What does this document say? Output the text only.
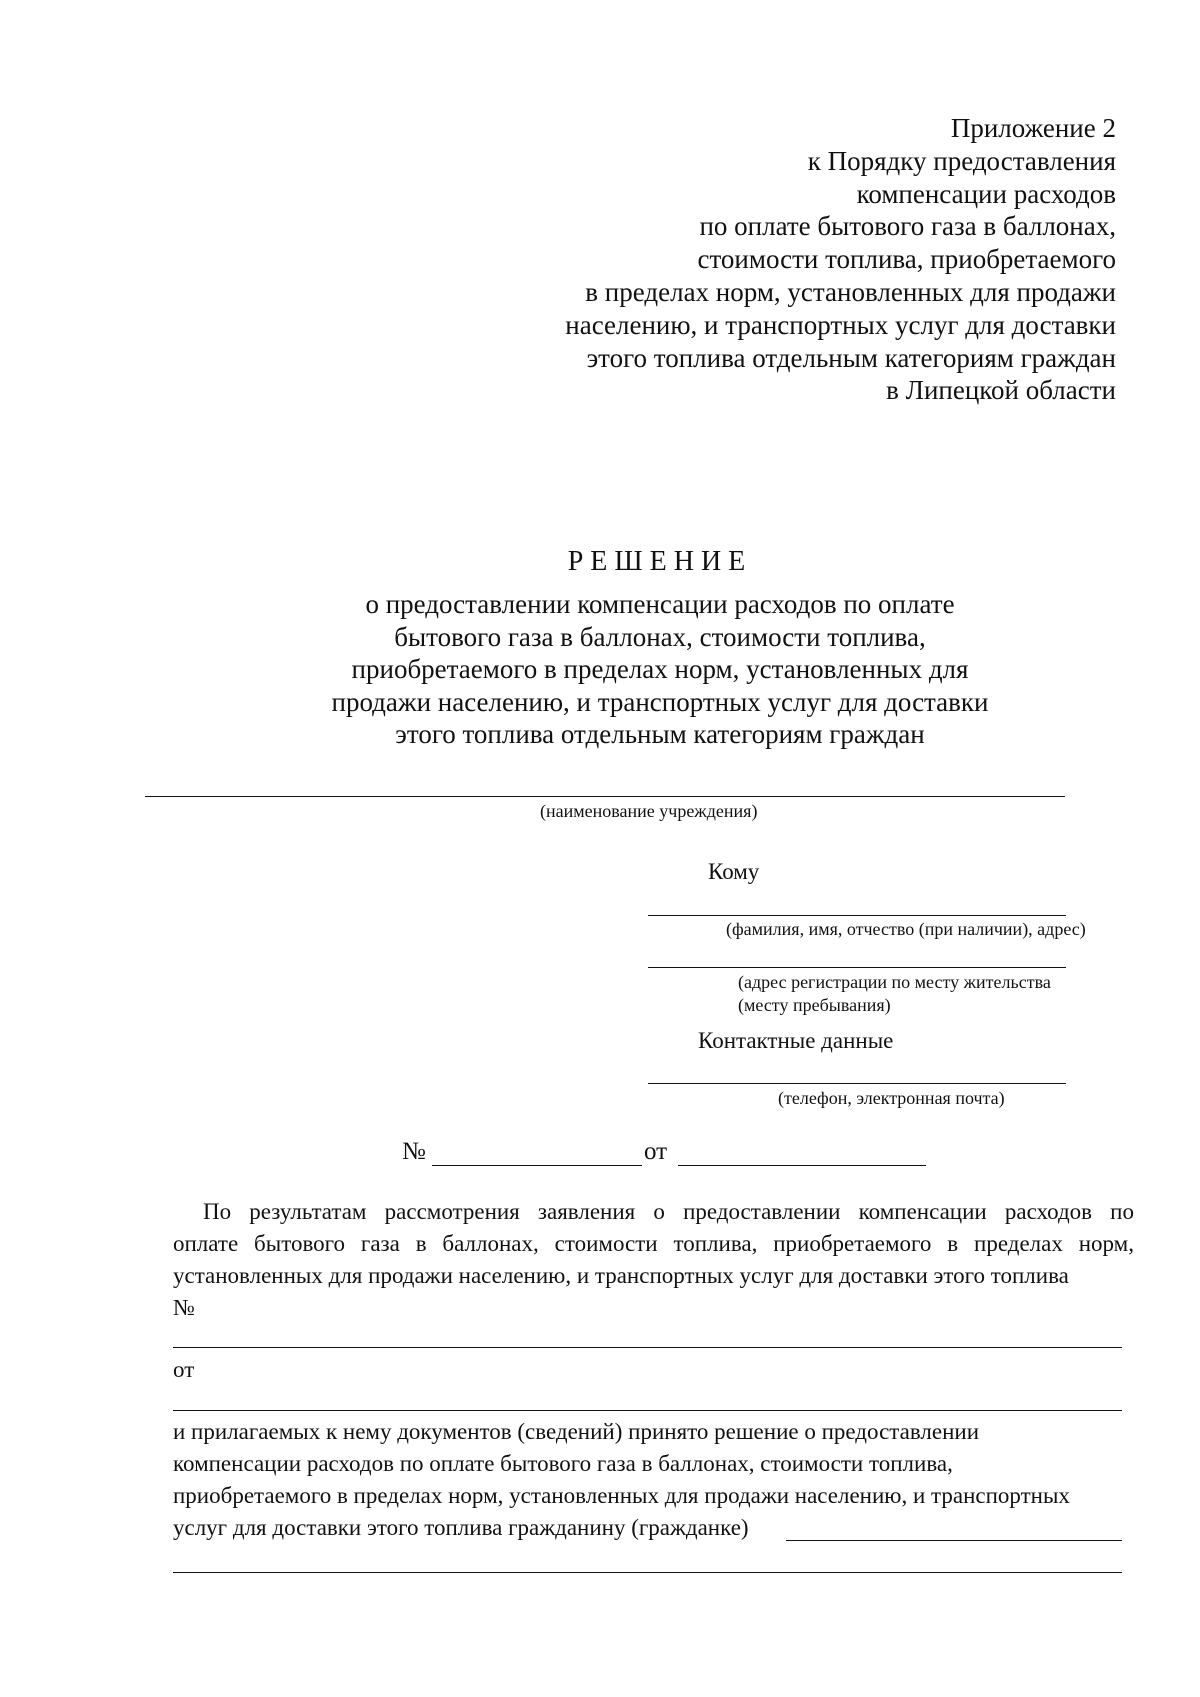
Приложение 2
к Порядку предоставления
компенсации расходов
по оплате бытового газа в баллонах,
стоимости топлива, приобретаемого
в пределах норм, установленных для продажи
населению, и транспортных услуг для доставки
этого топлива отдельным категориям граждан
в Липецкой области
РЕШЕНИЕ
о предоставлении компенсации расходов по оплате
бытового газа в баллонах, стоимости топлива,
приобретаемого в пределах норм, установленных для
продажи населению, и транспортных услуг для доставки
этого топлива отдельным категориям граждан
(наименование учреждения)
Кому
(фамилия, имя, отчество (при наличии), адрес)
(адрес регистрации по месту жительства
(месту пребывания)
Контактные данные
(телефон, электронная почта)
№	от
По результатам рассмотрения заявления о предоставлении компенсации расходов по
оплате бытового газа в баллонах, стоимости топлива, приобретаемого в пределах норм,
установленных для продажи населению, и транспортных услуг для доставки этого топлива
№
от
и прилагаемых к нему документов (сведений) принято решение о предоставлении
компенсации расходов по оплате бытового газа в баллонах, стоимости топлива,
приобретаемого в пределах норм, установленных для продажи населению, и транспортных
услуг для доставки этого топлива гражданину (гражданке)
